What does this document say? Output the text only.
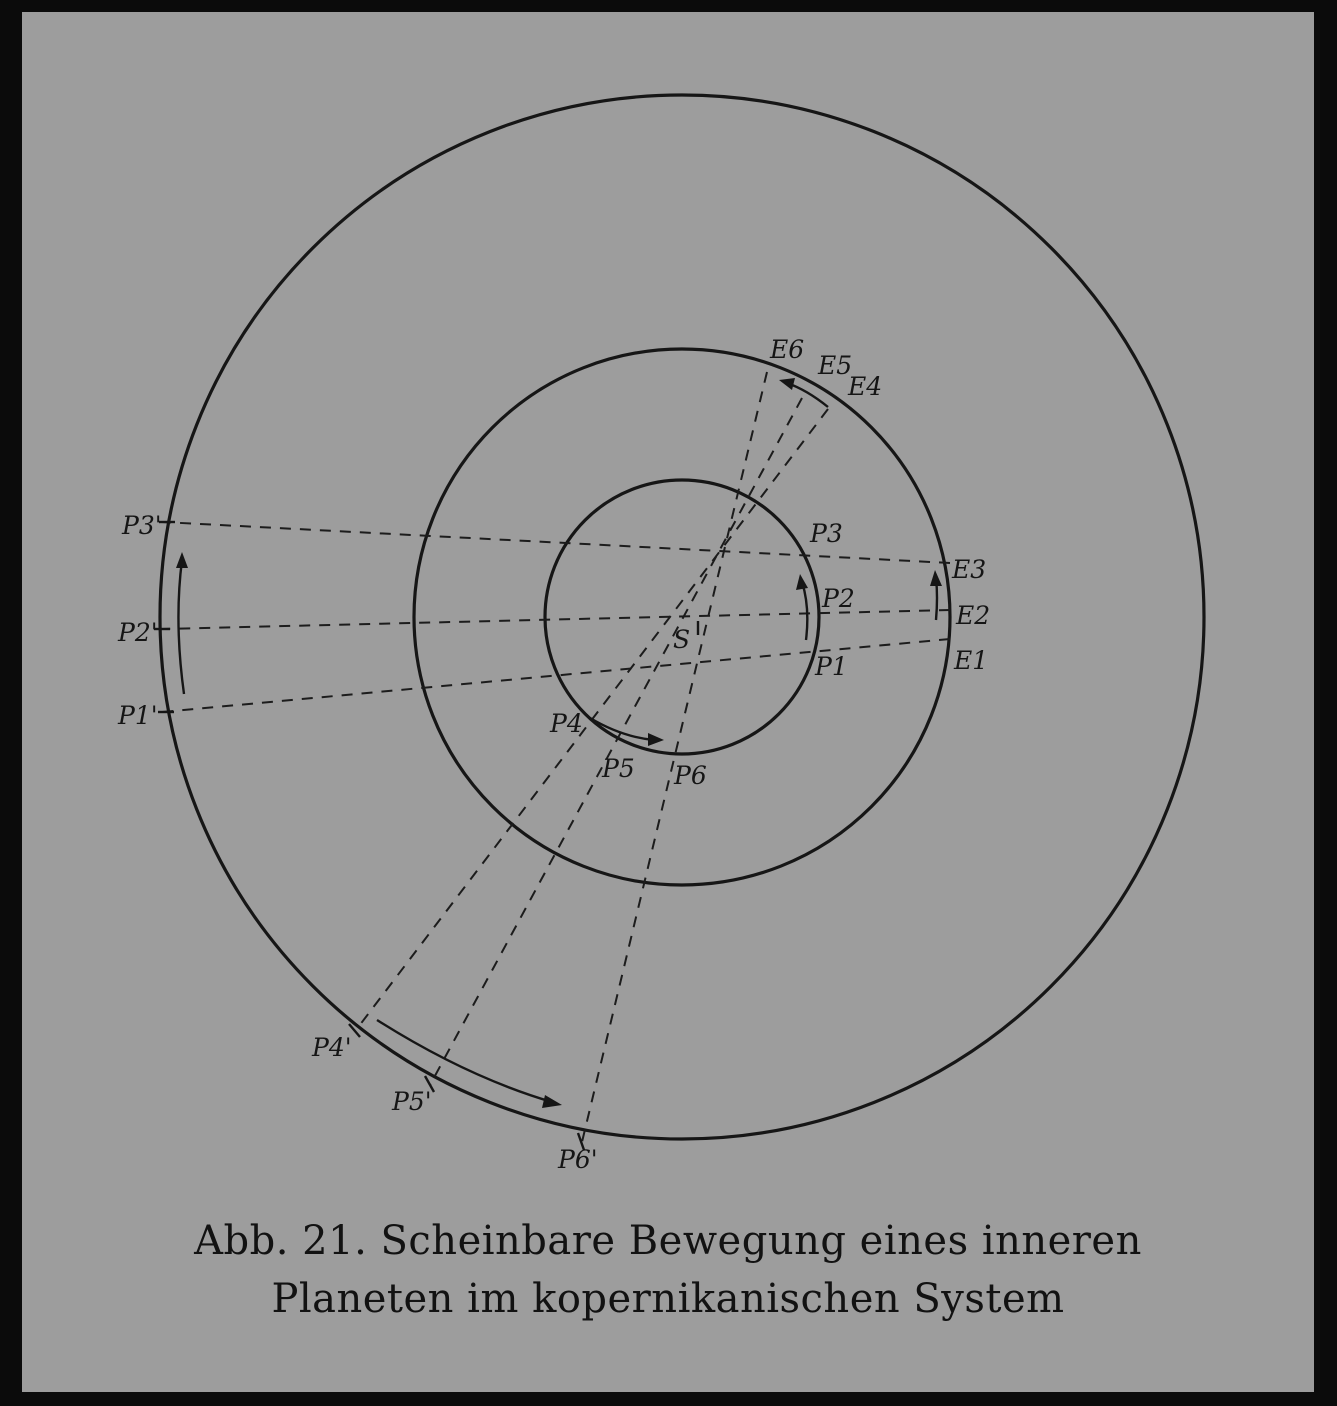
S
P1
P2
P3
P4
P5 P6
E1
E2
E3
E4
E5
E6
P1'
P2'
P3'
P4'
P5'
P6'
Abb. 21. Scheinbare Bewegung eines inneren
Planeten im kopernikanischen System
